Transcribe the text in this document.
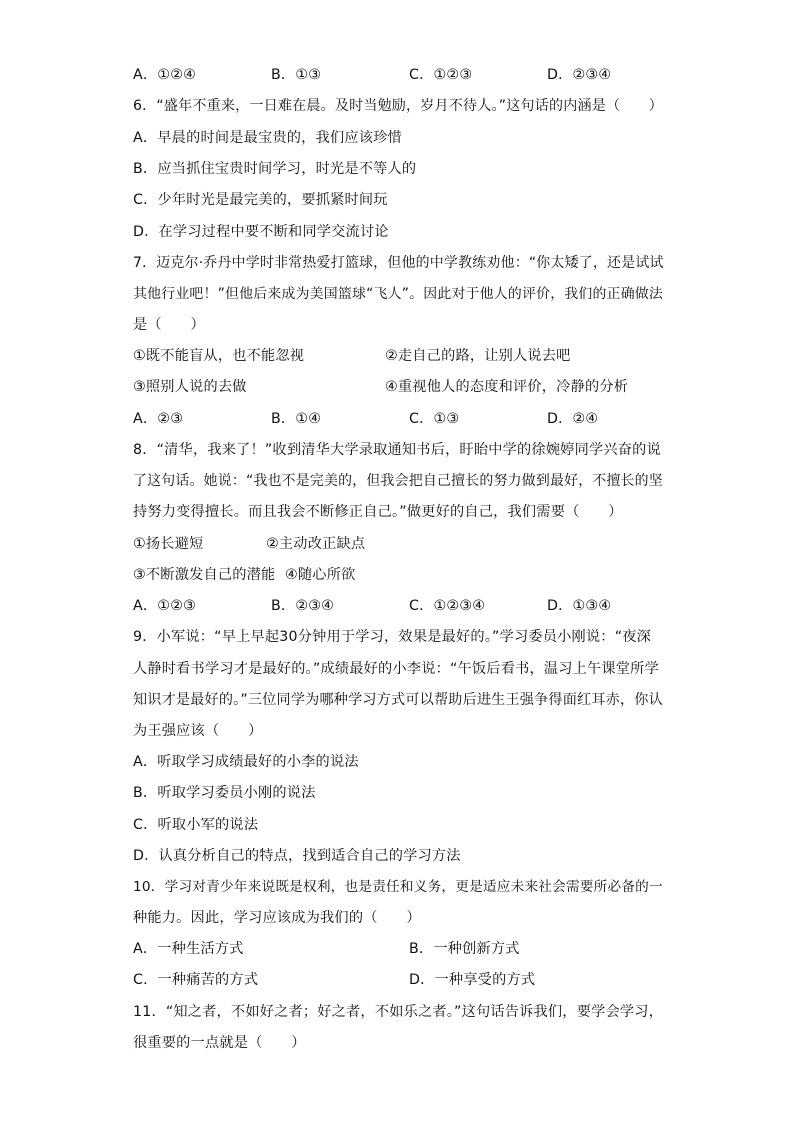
A．①②④	B．①③	C．①②③	D．②③④
6．“盛年不重来，一日难在晨。及时当勉励，岁月不待人。”这句话的内涵是（　　）
A．早晨的时间是最宝贵的，我们应该珍惜
B．应当抓住宝贵时间学习，时光是不等人的
C．少年时光是最完美的，要抓紧时间玩
D．在学习过程中要不断和同学交流讨论
7．迈克尔·乔丹中学时非常热爱打篮球，但他的中学教练劝他：“你太矮了，还是试试
其他行业吧！”但他后来成为美国篮球“飞人”。因此对于他人的评价，我们的正确做法
是（　　）
①既不能盲从，也不能忽视	②走自己的路，让别人说去吧
③照别人说的去做	④重视他人的态度和评价，冷静的分析
A．②③	B．①④	C．①③	D．②④
8．“清华，我来了！”收到清华大学录取通知书后，盱眙中学的徐婉婷同学兴奋的说
了这句话。她说：“我也不是完美的，但我会把自己擅长的努力做到最好，不擅长的坚
持努力变得擅长。而且我会不断修正自己。”做更好的自己，我们需要（　　）
①扬长避短	②主动改正缺点
③不断激发自己的潜能 ④随心所欲
A．①②③	B．②③④	C．①②③④	D．①③④
9．小军说：“早上早起30分钟用于学习，效果是最好的。”学习委员小刚说：“夜深
人静时看书学习才是最好的。”成绩最好的小李说：“午饭后看书，温习上午课堂所学
知识才是最好的。”三位同学为哪种学习方式可以帮助后进生王强争得面红耳赤，你认
为王强应该（　　）
A．听取学习成绩最好的小李的说法
B．听取学习委员小刚的说法
C．听取小军的说法
D．认真分析自己的特点，找到适合自己的学习方法
10．学习对青少年来说既是权利，也是责任和义务，更是适应未来社会需要所必备的一
种能力。因此，学习应该成为我们的（　　）
A．一种生活方式	B．一种创新方式
C．一种痛苦的方式	D．一种享受的方式
11．“知之者，不如好之者；好之者，不如乐之者。”这句话告诉我们，要学会学习，
很重要的一点就是（　　）
